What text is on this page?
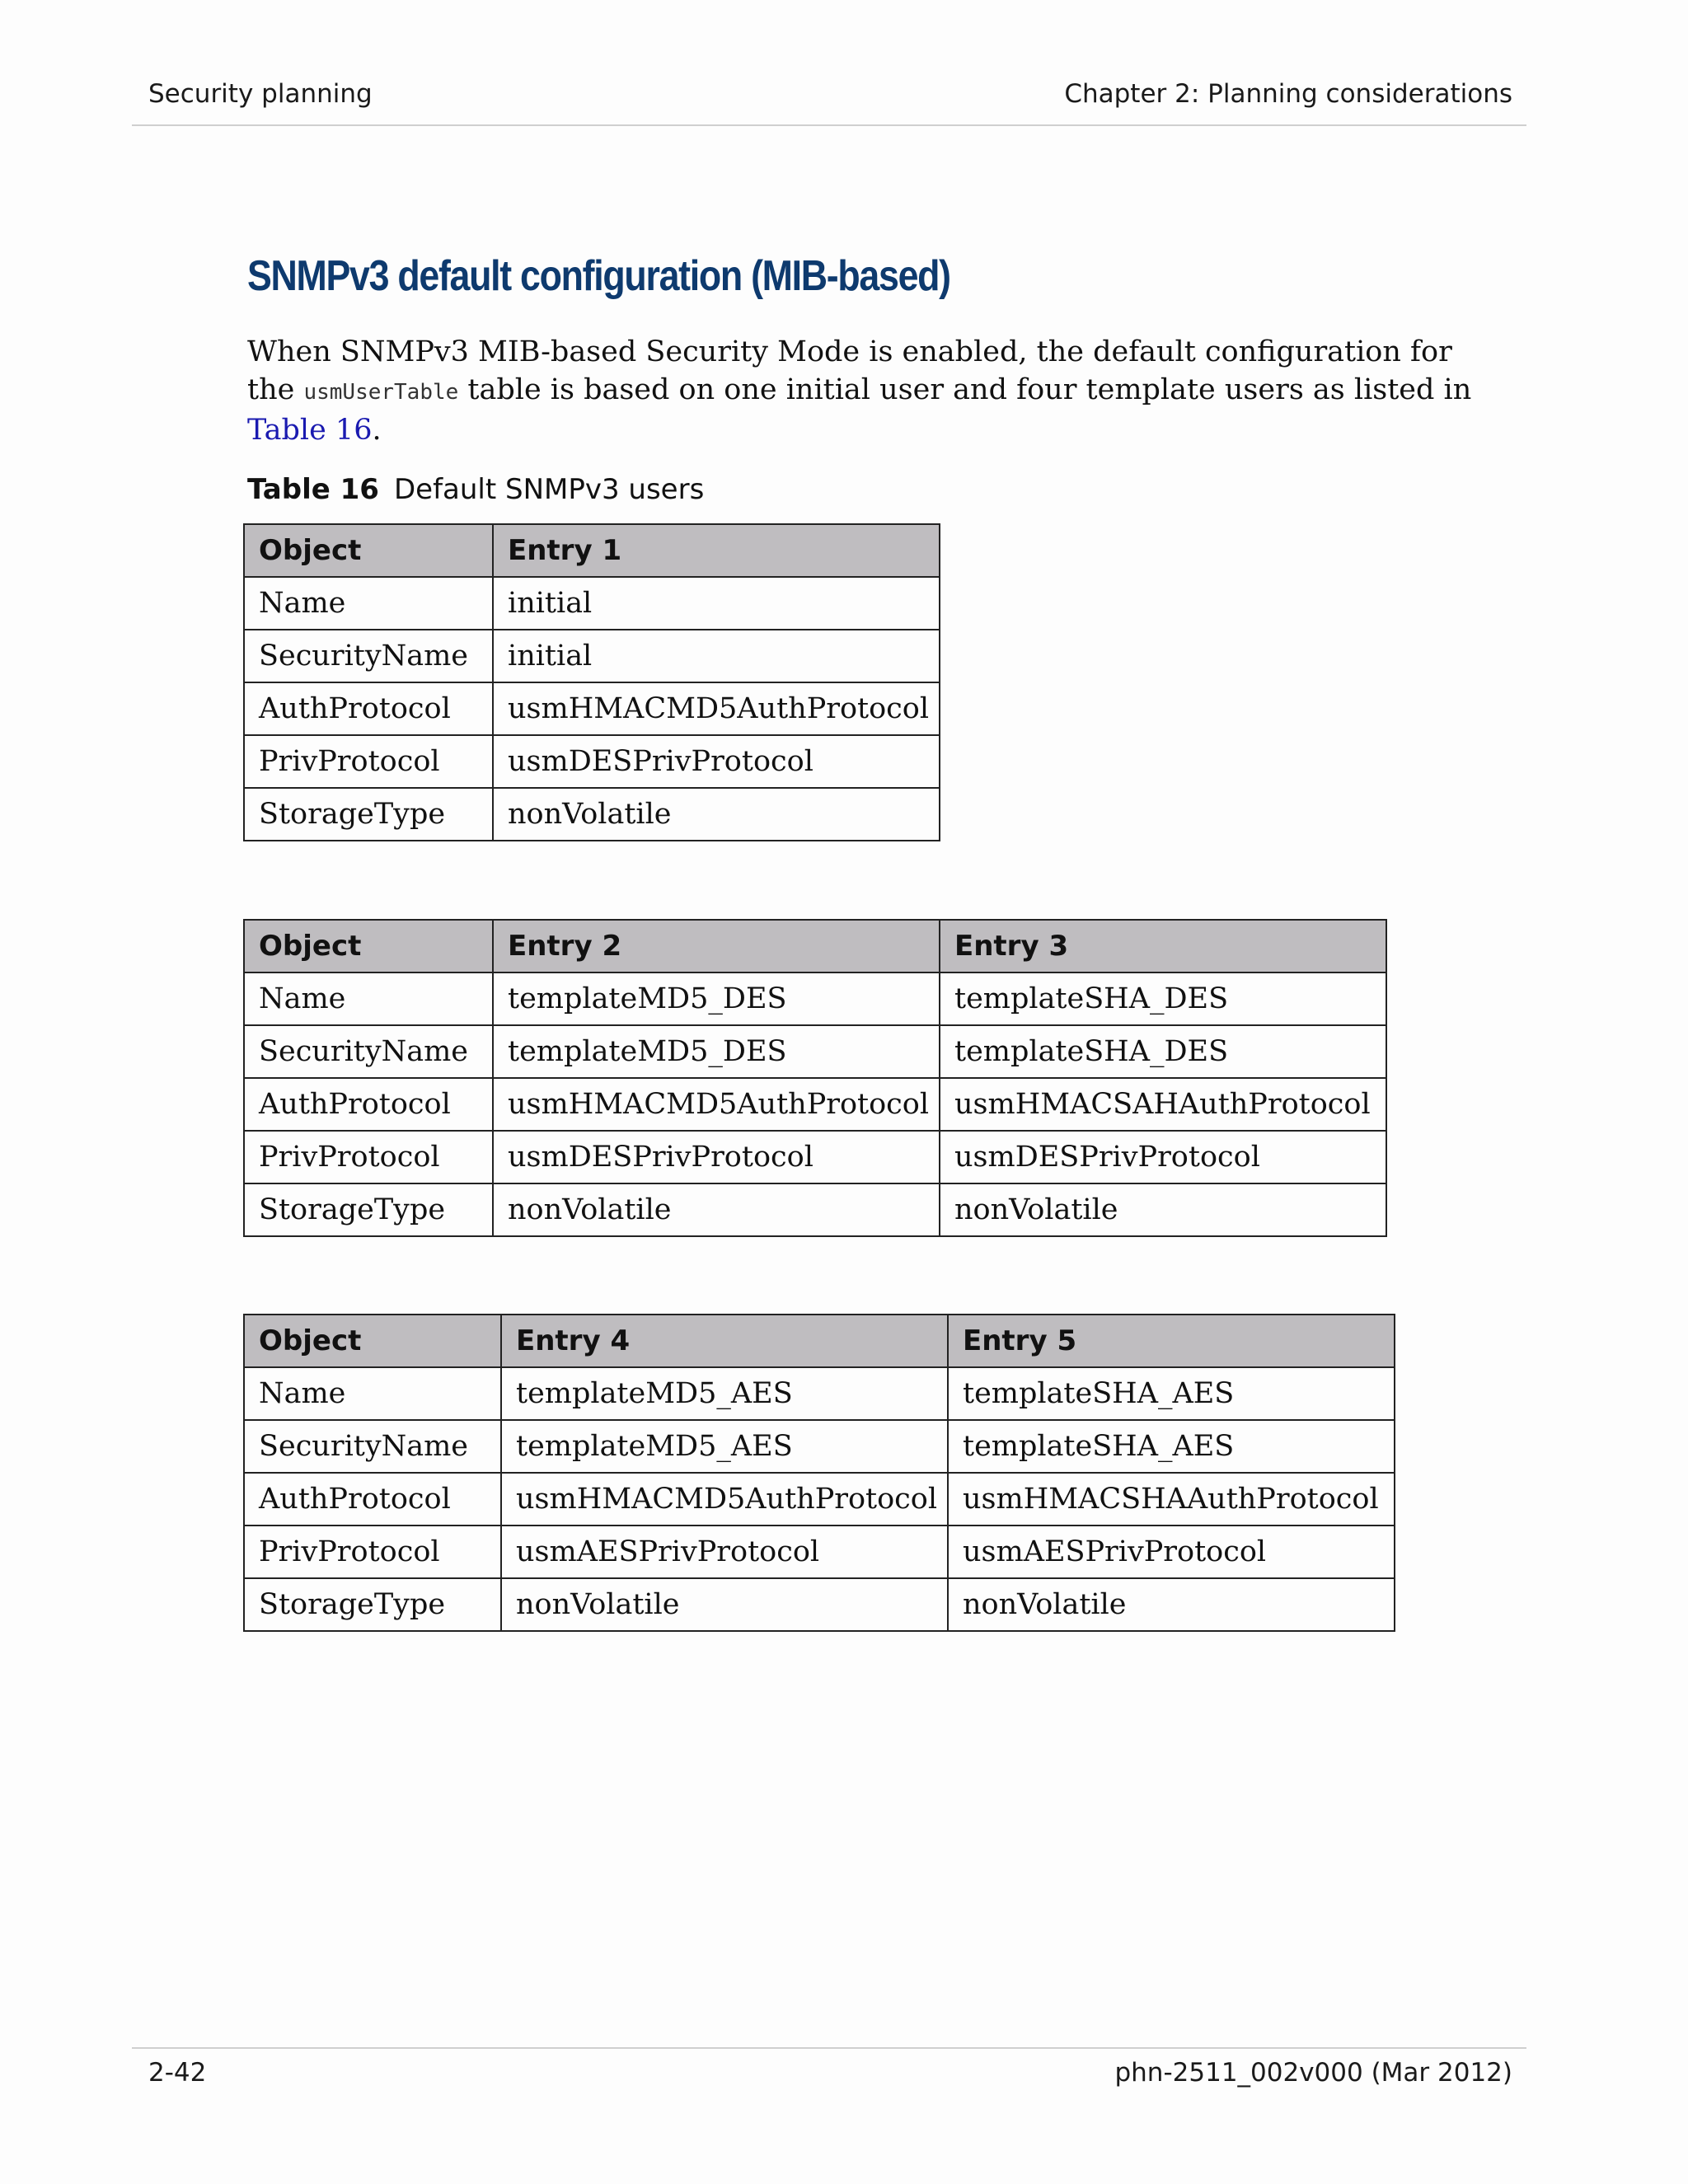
Security planning	Chapter 2: Planning considerations
SNMPv3 default configuration (MIB-based)
When SNMPv3 MIB-based Security Mode is enabled, the default configuration for the usmUserTable table is based on one initial user and four template users as listed in Table 16.
Table 16 Default SNMPv3 users
Object	Entry 1
Name	initial
SecurityName	initial
AuthProtocol	usmHMACMD5AuthProtocol
PrivProtocol	usmDESPrivProtocol
StorageType	nonVolatile
Object	Entry 2	Entry 3
Name	templateMD5_DES	templateSHA_DES
SecurityName	templateMD5_DES	templateSHA_DES
AuthProtocol	usmHMACMD5AuthProtocol	usmHMACSAHAuthProtocol
PrivProtocol	usmDESPrivProtocol	usmDESPrivProtocol
StorageType	nonVolatile	nonVolatile
Object	Entry 4	Entry 5
Name	templateMD5_AES	templateSHA_AES
SecurityName	templateMD5_AES	templateSHA_AES
AuthProtocol	usmHMACMD5AuthProtocol	usmHMACSHAAuthProtocol
PrivProtocol	usmAESPrivProtocol	usmAESPrivProtocol
StorageType	nonVolatile	nonVolatile
2-42	phn-2511_002v000 (Mar 2012)
